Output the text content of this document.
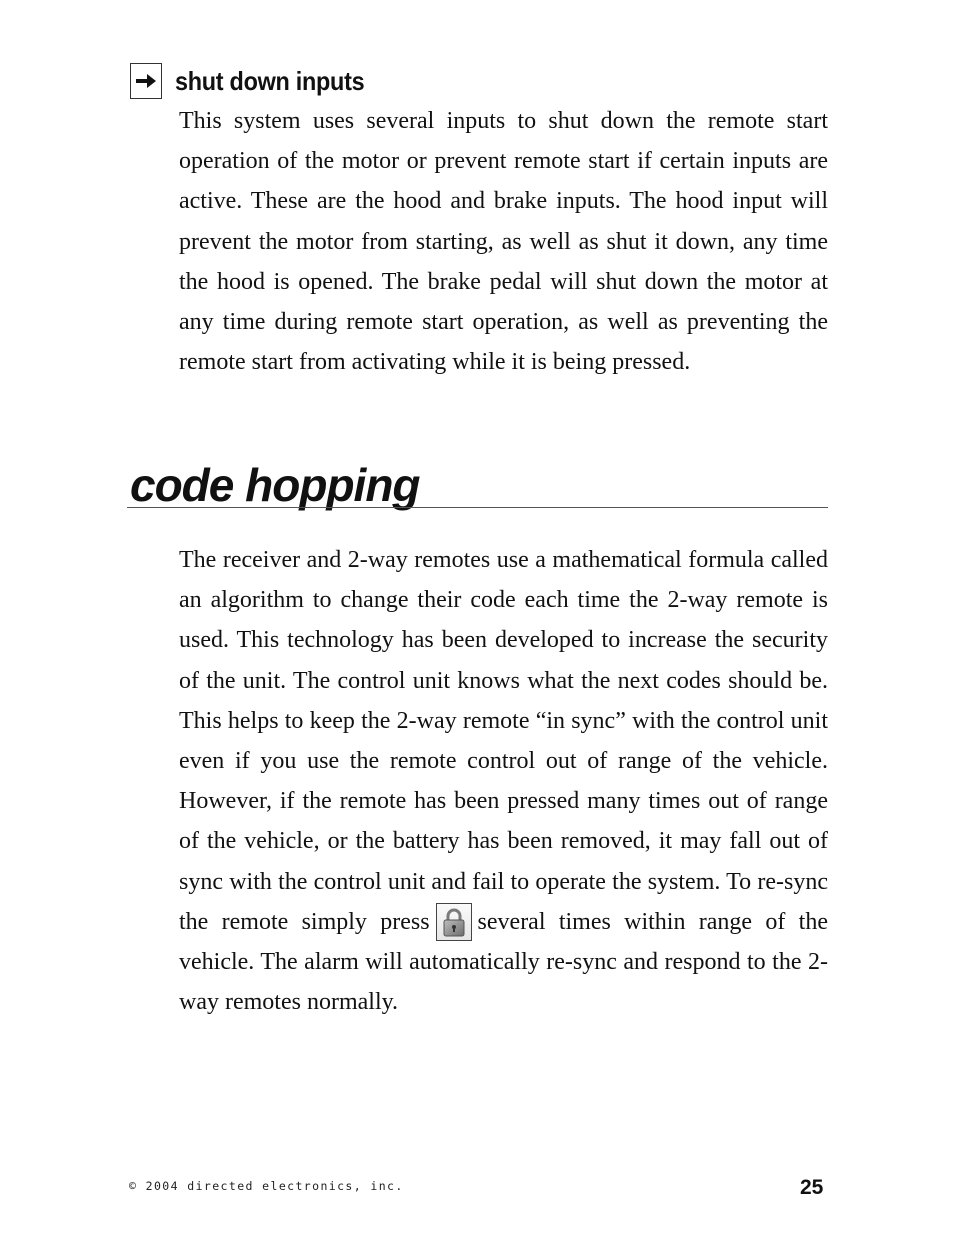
shut down inputs

This system uses several inputs to shut down the remote start operation of the motor or prevent remote start if certain inputs are active. These are the hood and brake inputs. The hood input will prevent the motor from starting, as well as shut it down, any time the hood is opened. The brake pedal will shut down the motor at any time during remote start operation, as well as preventing the remote start from activating while it is being pressed.

code hopping

The receiver and 2-way remotes use a mathematical formula called an algorithm to change their code each time the 2-way remote is used. This technology has been developed to increase the security of the unit. The control unit knows what the next codes should be. This helps to keep the 2-way remote “in sync” with the control unit even if you use the remote control out of range of the vehicle. However, if the remote has been pressed many times out of range of the vehicle, or the battery has been removed, it may fall out of sync with the control unit and fail to operate the system. To re-sync the remote simply press several times within range of the vehicle. The alarm will automatically re-sync and respond to the 2-way remotes normally.

© 2004 directed electronics, inc.	25
